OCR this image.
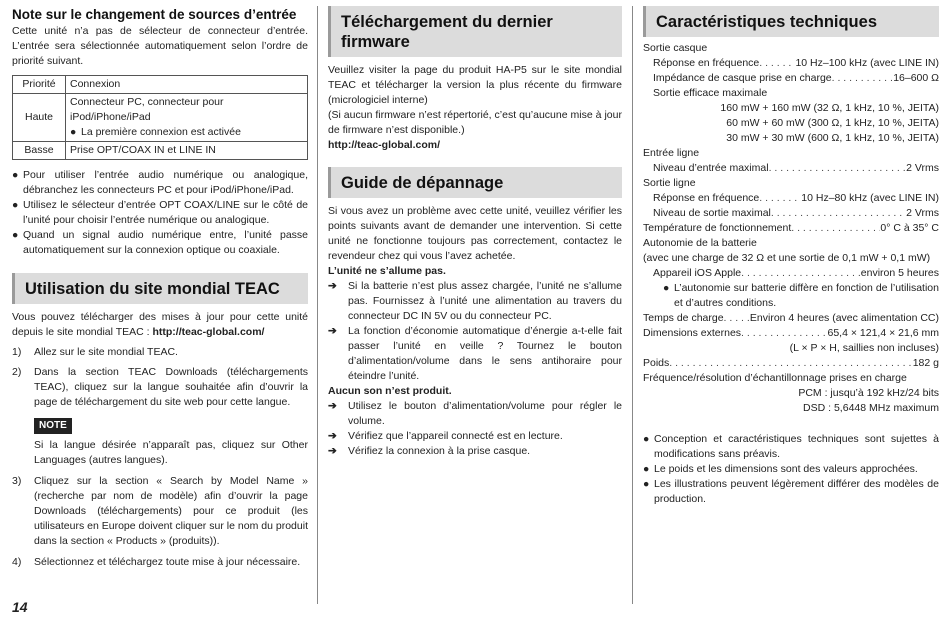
Note sur le changement de sources d’entrée

Cette unité n’a pas de sélecteur de connecteur d’entrée. L’entrée sera sélectionnée automatiquement selon l’ordre de priorité suivant.

Priorité	Connexion
Haute	Connecteur PC, connecteur pour iPod/iPhone/iPad
● La première connexion est activée

Basse	Prise OPT/COAX IN et LINE IN
● Pour utiliser l’entrée audio numérique ou analogique, débranchez les connecteurs PC et pour iPod/iPhone/iPad.
● Utilisez le sélecteur d’entrée OPT COAX/LINE sur le côté de l’unité pour choisir l’entrée numérique ou analogique.
● Quand un signal audio numérique entre, l’unité passe automatiquement sur la connexion optique ou coaxiale.
Utilisation du site mondial TEAC

Vous pouvez télécharger des mises à jour pour cette unité depuis le site mondial TEAC : http://teac-global.com/

1)	Allez sur le site mondial TEAC.
2)	Dans la section TEAC Downloads (téléchargements TEAC), cliquez sur la langue souhaitée afin d’ouvrir la page de téléchargement du site web pour cette langue.
NOTE

Si la langue désirée n’apparaît pas, cliquez sur Other Languages (autres langues).

3)	Cliquez sur la section « Search by Model Name » (recherche par nom de modèle) afin d’ouvrir la page Downloads (téléchargements) pour ce produit (les utilisateurs en Europe doivent cliquer sur le nom du produit dans la section « Products » (produits)).
4)	Sélectionnez et téléchargez toute mise à jour nécessaire.
Téléchargement du dernier firmware

Veuillez visiter la page du produit HA-P5 sur le site mondial TEAC et télécharger la version la plus récente du firmware (micrologiciel interne)

(Si aucun firmware n’est répertorié, c’est qu’aucune mise à jour de firmware n’est disponible.)

http://teac-global.com/

Guide de dépannage

Si vous avez un problème avec cette unité, veuillez vérifier les points suivants avant de demander une intervention. Si cette unité ne fonctionne toujours pas correctement, contactez le revendeur chez qui vous l’avez achetée.

L’unité ne s’allume pas.

➔	Si la batterie n’est plus assez chargée, l’unité ne s’allume pas. Fournissez à l’unité une alimentation au travers du connecteur DC IN 5V ou du connecteur PC.
➔	La fonction d’économie automatique d’énergie a-t-elle fait passer l’unité en veille ? Tournez le bouton d’alimentation/volume dans le sens antihoraire pour éteindre l’unité.

Aucun son n’est produit.

➔	Utilisez le bouton d’alimentation/volume pour régler le volume.
➔	Vérifiez que l’appareil connecté est en lecture.
➔	Vérifiez la connexion à la prise casque.
Caractéristiques techniques
Sortie casque
Réponse en fréquence . . .	10 Hz–100 kHz (avec LINE IN)
Impédance de casque prise en charge . . .	16–600 Ω
Sortie efficace maximale
160 mW + 160 mW (32 Ω, 1 kHz, 10 %, JEITA)
60 mW + 60 mW (300 Ω, 1 kHz, 10 %, JEITA)
30 mW + 30 mW (600 Ω, 1 kHz, 10 %, JEITA)
Entrée ligne
Niveau d’entrée maximal . . .	2 Vrms
Sortie ligne
Réponse en fréquence . . .	10 Hz–80 kHz (avec LINE IN)
Niveau de sortie maximal . . .	2 Vrms
Température de fonctionnement . . .	0° C à 35° C
Autonomie de la batterie
(avec une charge de 32 Ω et une sortie de 0,1 mW + 0,1 mW)
Appareil iOS Apple . . .	environ 5 heures
● L’autonomie sur batterie diffère en fonction de l’utilisation et d’autres conditions.
Temps de charge . . .	Environ 4 heures (avec alimentation CC)
Dimensions externes . . .	65,4 × 121,4 × 21,6 mm
(L × P × H, saillies non incluses)
Poids . . .	182 g
Fréquence/résolution d’échantillonnage prises en charge
PCM : jusqu’à 192 kHz/24 bits
DSD : 5,6448 MHz maximum
● Conception et caractéristiques techniques sont sujettes à modifications sans préavis.
● Le poids et les dimensions sont des valeurs approchées.
● Les illustrations peuvent légèrement différer des modèles de production.
14
